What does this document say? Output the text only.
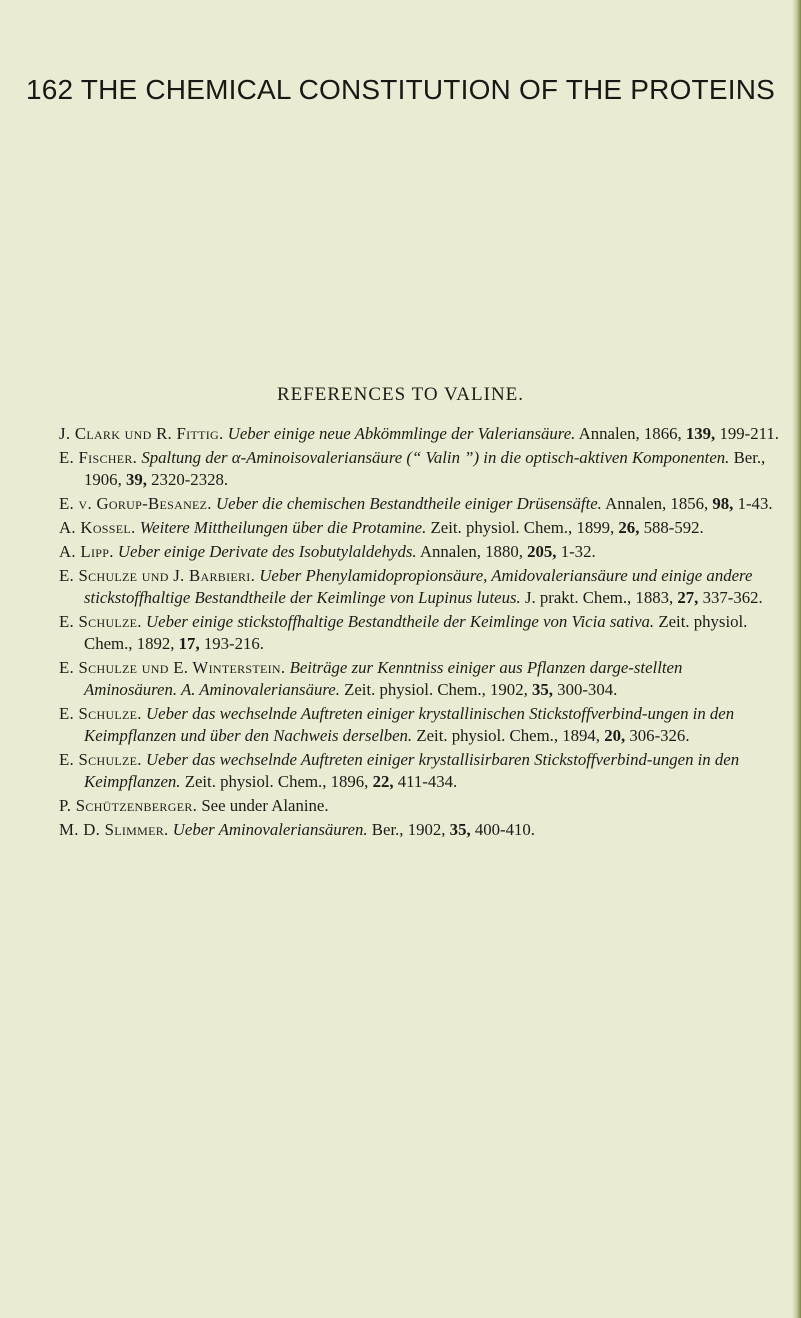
162 THE CHEMICAL CONSTITUTION OF THE PROTEINS
REFERENCES TO VALINE.

J. Clark und R. Fittig. Ueber einige neue Abkömmlinge der Valeriansäure. Annalen, 1866, 139, 199-211.

E. Fischer. Spaltung der α-Aminoisovaleriansäure (“ Valin ”) in die optisch-aktiven Komponenten. Ber., 1906, 39, 2320-2328.

E. v. Gorup-Besanez. Ueber die chemischen Bestandtheile einiger Drüsensäfte. Annalen, 1856, 98, 1-43.

A. Kossel. Weitere Mittheilungen über die Protamine. Zeit. physiol. Chem., 1899, 26, 588-592.

A. Lipp. Ueber einige Derivate des Isobutylaldehyds. Annalen, 1880, 205, 1-32.

E. Schulze und J. Barbieri. Ueber Phenylamidopropionsäure, Amidovaleriansäure und einige andere stickstoffhaltige Bestandtheile der Keimlinge von Lupinus luteus. J. prakt. Chem., 1883, 27, 337-362.

E. Schulze. Ueber einige stickstoffhaltige Bestandtheile der Keimlinge von Vicia sativa. Zeit. physiol. Chem., 1892, 17, 193-216.

E. Schulze und E. Winterstein. Beiträge zur Kenntniss einiger aus Pflanzen darge-stellten Aminosäuren. A. Aminovaleriansäure. Zeit. physiol. Chem., 1902, 35, 300-304.

E. Schulze. Ueber das wechselnde Auftreten einiger krystallinischen Stickstoffverbind-ungen in den Keimpflanzen und über den Nachweis derselben. Zeit. physiol. Chem., 1894, 20, 306-326.

E. Schulze. Ueber das wechselnde Auftreten einiger krystallisirbaren Stickstoffverbind-ungen in den Keimpflanzen. Zeit. physiol. Chem., 1896, 22, 411-434.

P. Schützenberger. See under Alanine.

M. D. Slimmer. Ueber Aminovaleriansäuren. Ber., 1902, 35, 400-410.
